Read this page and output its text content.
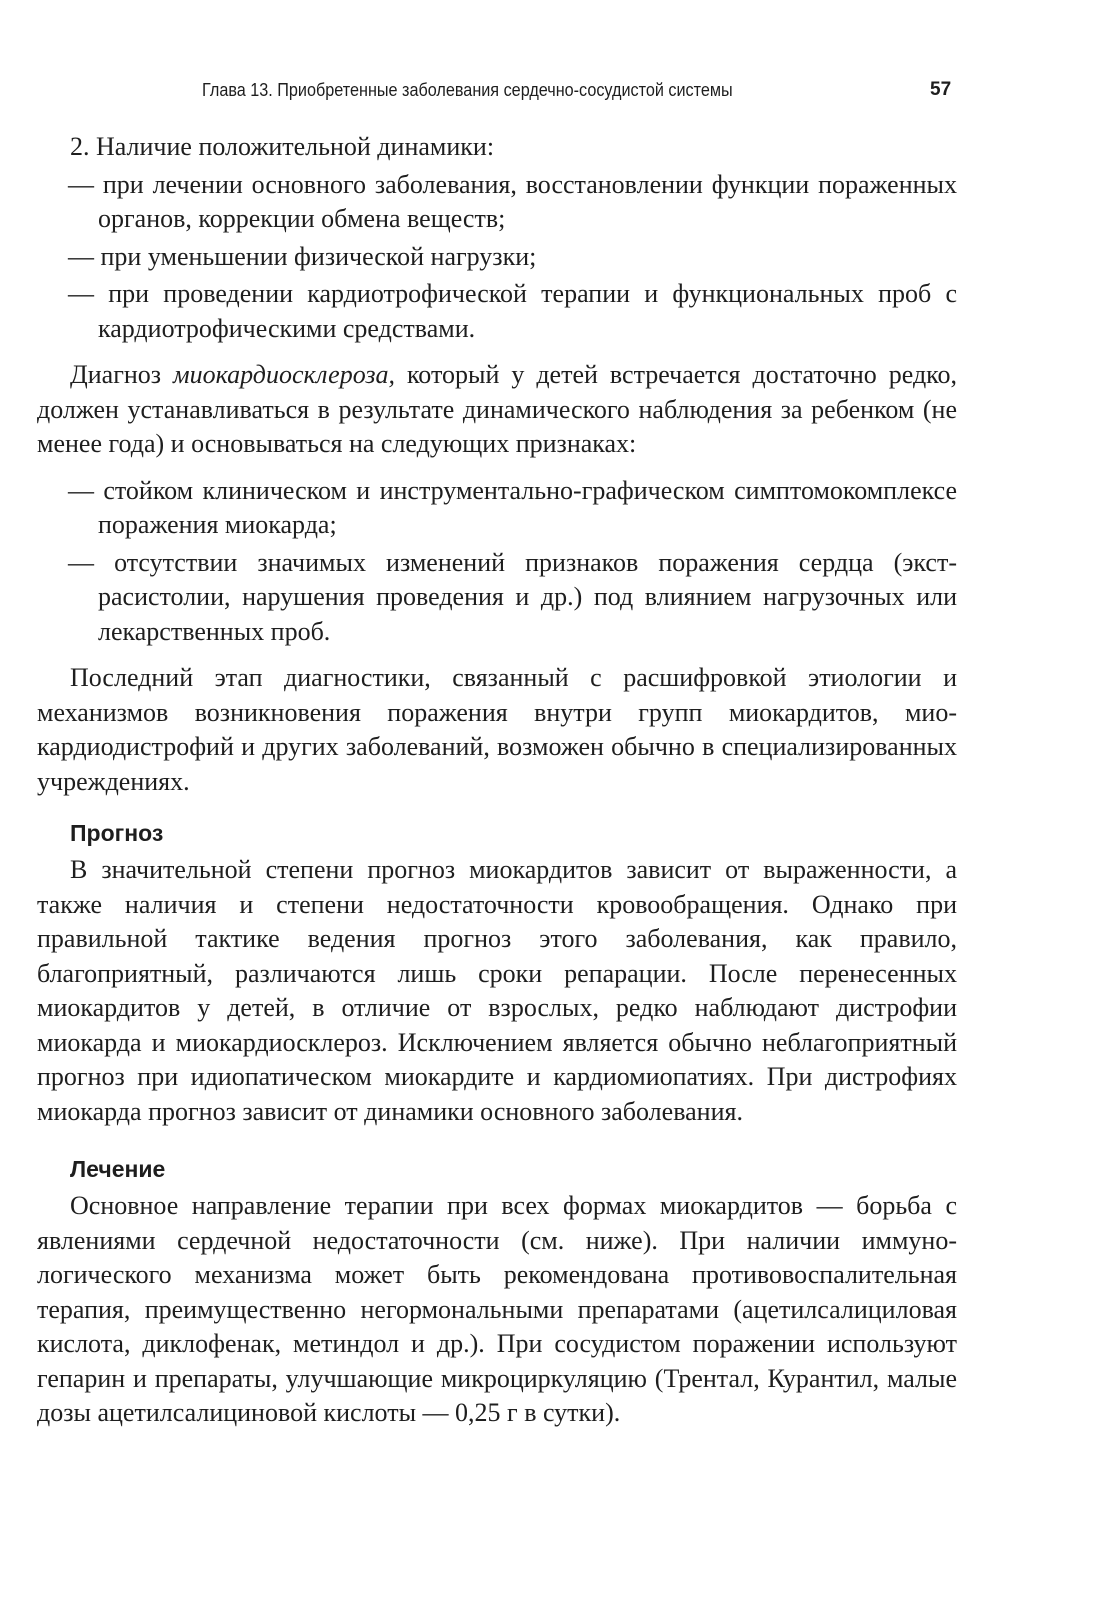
Глава 13. Приобретенные заболевания сердечно-сосудистой системы	57

2. Наличие положительной динамики:

— при лечении основного заболевания, восстановлении функции пораженных органов, коррекции обмена веществ;

— при уменьшении физической нагрузки;

— при проведении кардиотрофической терапии и функциональных проб с кардиотрофическими средствами.

Диагноз миокардиосклероза, который у детей встречается достаточно редко, должен устанавливаться в результате динамического наблюдения за ребенком (не менее года) и основываться на следующих признаках:

— стойком клиническом и инструментально-графическом симптомокомплексе поражения миокарда;

— отсутствии значимых изменений признаков поражения сердца (экстрасистолии, нарушения проведения и др.) под влиянием нагрузочных или лекарственных проб.

Последний этап диагностики, связанный с расшифровкой этиологии и механизмов возникновения поражения внутри групп миокардитов, миокардиодистрофий и других заболеваний, возможен обычно в специализированных учреждениях.

Прогноз

В значительной степени прогноз миокардитов зависит от выраженности, а также наличия и степени недостаточности кровообращения. Однако при правильной тактике ведения прогноз этого заболевания, как правило, благоприятный, различаются лишь сроки репарации. После перенесенных миокардитов у детей, в отличие от взрослых, редко наблюдают дистрофии миокарда и миокардиосклероз. Исключением является обычно неблагоприятный прогноз при идиопатическом миокардите и кардиомиопатиях. При дистрофиях миокарда прогноз зависит от динамики основного заболевания.

Лечение

Основное направление терапии при всех формах миокардитов — борьба с явлениями сердечной недостаточности (см. ниже). При наличии иммунологического механизма может быть рекомендована противовоспалительная терапия, преимущественно негормональными препаратами (ацетилсалициловая кислота, диклофенак, метиндол и др.). При сосудистом поражении используют гепарин и препараты, улучшающие микроциркуляцию (Трентал, Курантил, малые дозы ацетилсалициновой кислоты — 0,25 г в сутки).
